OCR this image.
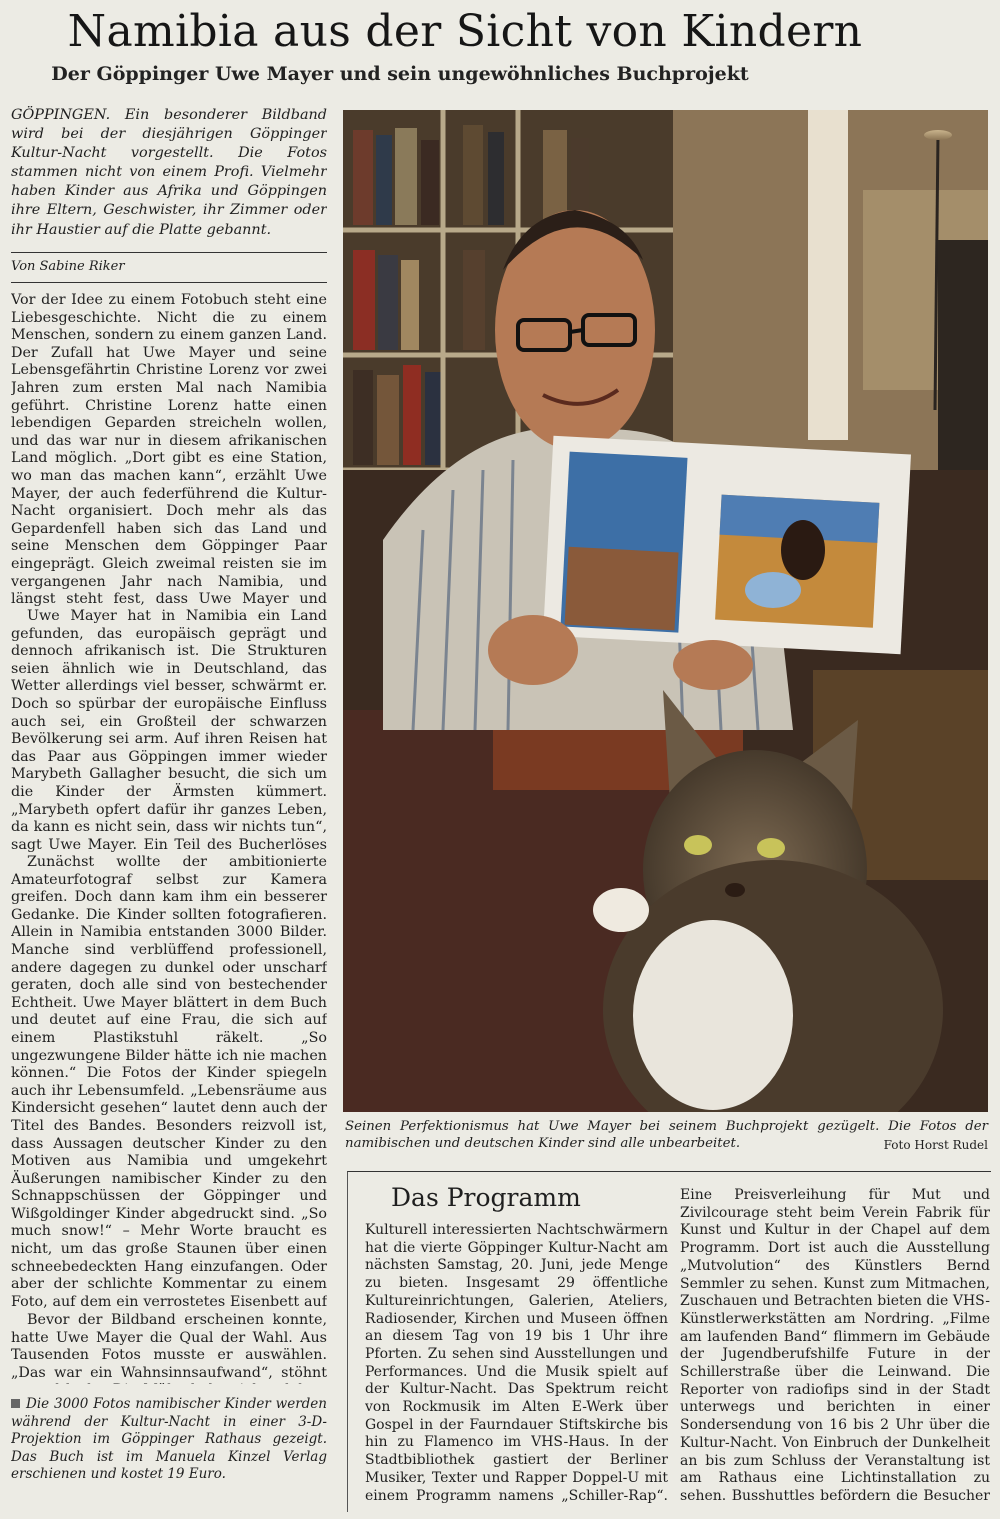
Namibia aus der Sicht von Kindern
Der Göppinger Uwe Mayer und sein ungewöhnliches Buchprojekt

GÖPPINGEN. Ein besonderer Bildband wird bei der diesjährigen Göppinger Kultur-Nacht vorgestellt. Die Fotos stammen nicht von einem Profi. Vielmehr haben Kinder aus Afrika und Göppingen ihre Eltern, Geschwister, ihr Zimmer oder ihr Haustier auf die Platte gebannt.

Von Sabine Riker

Vor der Idee zu einem Fotobuch steht eine Liebesgeschichte. Nicht die zu einem Menschen, sondern zu einem ganzen Land. Der Zufall hat Uwe Mayer und seine Lebensgefährtin Christine Lorenz vor zwei Jahren zum ersten Mal nach Namibia geführt. Christine Lorenz hatte einen lebendigen Geparden streicheln wollen, und das war nur in diesem afrikanischen Land möglich. „Dort gibt es eine Station, wo man das machen kann“, erzählt Uwe Mayer, der auch federführend die Kultur-Nacht organisiert. Doch mehr als das Gepardenfell haben sich das Land und seine Menschen dem Göppinger Paar eingeprägt. Gleich zweimal reisten sie im vergangenen Jahr nach Namibia, und längst steht fest, dass Uwe Mayer und

Uwe Mayer hat in Namibia ein Land gefunden, das europäisch geprägt und dennoch afrikanisch ist. Die Strukturen seien ähnlich wie in Deutschland, das Wetter allerdings viel besser, schwärmt er. Doch so spürbar der europäische Einfluss auch sei, ein Großteil der schwarzen Bevölkerung sei arm. Auf ihren Reisen hat das Paar aus Göppingen immer wieder Marybeth Gallagher besucht, die sich um die Kinder der Ärmsten kümmert. „Marybeth opfert dafür ihr ganzes Leben, da kann es nicht sein, dass wir nichts tun“, sagt Uwe Mayer. Ein Teil des Bucherlöses

Zunächst wollte der ambitionierte Amateurfotograf selbst zur Kamera greifen. Doch dann kam ihm ein besserer Gedanke. Die Kinder sollten fotografieren. Allein in Namibia entstanden 3000 Bilder. Manche sind verblüffend professionell, andere dagegen zu dunkel oder unscharf geraten, doch alle sind von bestechender Echtheit. Uwe Mayer blättert in dem Buch und deutet auf eine Frau, die sich auf einem Plastikstuhl räkelt. „So ungezwungene Bilder hätte ich nie machen können.“ Die Fotos der Kinder spiegeln auch ihr Lebensumfeld. „Lebensräume aus Kindersicht gesehen“ lautet denn auch der Titel des Bandes. Besonders reizvoll ist, dass Aussagen deutscher Kinder zu den Motiven aus Namibia und umgekehrt Äußerungen namibischer Kinder zu den Schnappschüssen der Göppinger und Wißgoldinger Kinder abgedruckt sind. „So much snow!“ – Mehr Worte braucht es nicht, um das große Staunen über einen schneebedeckten Hang einzufangen. Oder aber der schlichte Kommentar zu einem Foto, auf dem ein verrostetes Eisenbett auf

Bevor der Bildband erscheinen konnte, hatte Uwe Mayer die Qual der Wahl. Aus Tausenden Fotos musste er auswählen. „Das war ein Wahnsinnsaufwand“, stöhnt

Die 3000 Fotos namibischer Kinder werden während der Kultur-Nacht in einer 3-D-Projektion im Göppinger Rathaus gezeigt. Das Buch ist im Manuela Kinzel Verlag erschienen und kostet 19 Euro.

Seinen Perfektionismus hat Uwe Mayer bei seinem Buchprojekt gezügelt. Die Fotos der namibischen und deutschen Kinder sind alle unbearbeitet.	Foto Horst Rudel

Das Programm

Kulturell interessierten Nachtschwärmern hat die vierte Göppinger Kultur-Nacht am nächsten Samstag, 20. Juni, jede Menge zu bieten. Insgesamt 29 öffentliche Kultureinrichtungen, Galerien, Ateliers, Radiosender, Kirchen und Museen öffnen an diesem Tag von 19 bis 1 Uhr ihre Pforten. Zu sehen sind Ausstellungen und Performances. Und die Musik spielt auf der Kultur-Nacht. Das Spektrum reicht von Rockmusik im Alten E-Werk über Gospel in der Faurndauer Stiftskirche bis hin zu Flamenco im VHS-Haus. In der Stadtbibliothek gastiert der Berliner Musiker, Texter und Rapper Doppel-U mit einem Programm namens „Schiller-Rap“.

Eine Preisverleihung für Mut und Zivilcourage steht beim Verein Fabrik für Kunst und Kultur in der Chapel auf dem Programm. Dort ist auch die Ausstellung „Mutvolution“ des Künstlers Bernd Semmler zu sehen. Kunst zum Mitmachen, Zuschauen und Betrachten bieten die VHS-Künstlerwerkstätten am Nordring. „Filme am laufenden Band“ flimmern im Gebäude der Jugendberufshilfe Future in der Schillerstraße über die Leinwand. Die Reporter von radiofips sind in der Stadt unterwegs und berichten in einer Sondersendung von 16 bis 2 Uhr über die Kultur-Nacht. Von Einbruch der Dunkelheit an bis zum Schluss der Veranstaltung ist am Rathaus eine Lichtinstallation zu sehen. Busshuttles befördern die Besucher
